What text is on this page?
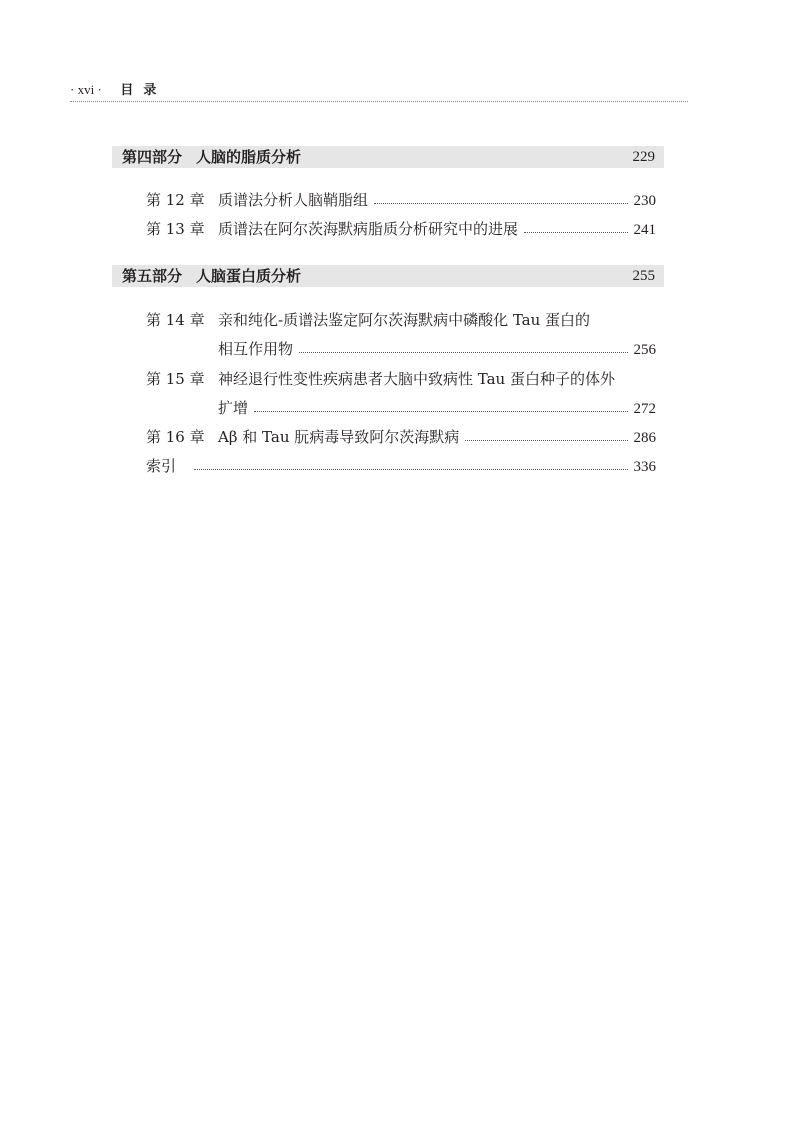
· xvi · 目录
第四部分 人脑的脂质分析	229
第 12 章 质谱法分析人脑鞘脂组	230
第 13 章 质谱法在阿尔茨海默病脂质分析研究中的进展	241
第五部分 人脑蛋白质分析	255
第 14 章 亲和纯化-质谱法鉴定阿尔茨海默病中磷酸化 Tau 蛋白的
相互作用物	256
第 15 章 神经退行性变性疾病患者大脑中致病性 Tau 蛋白种子的体外
扩增	272
第 16 章 Aβ 和 Tau 朊病毒导致阿尔茨海默病	286
索引	336
